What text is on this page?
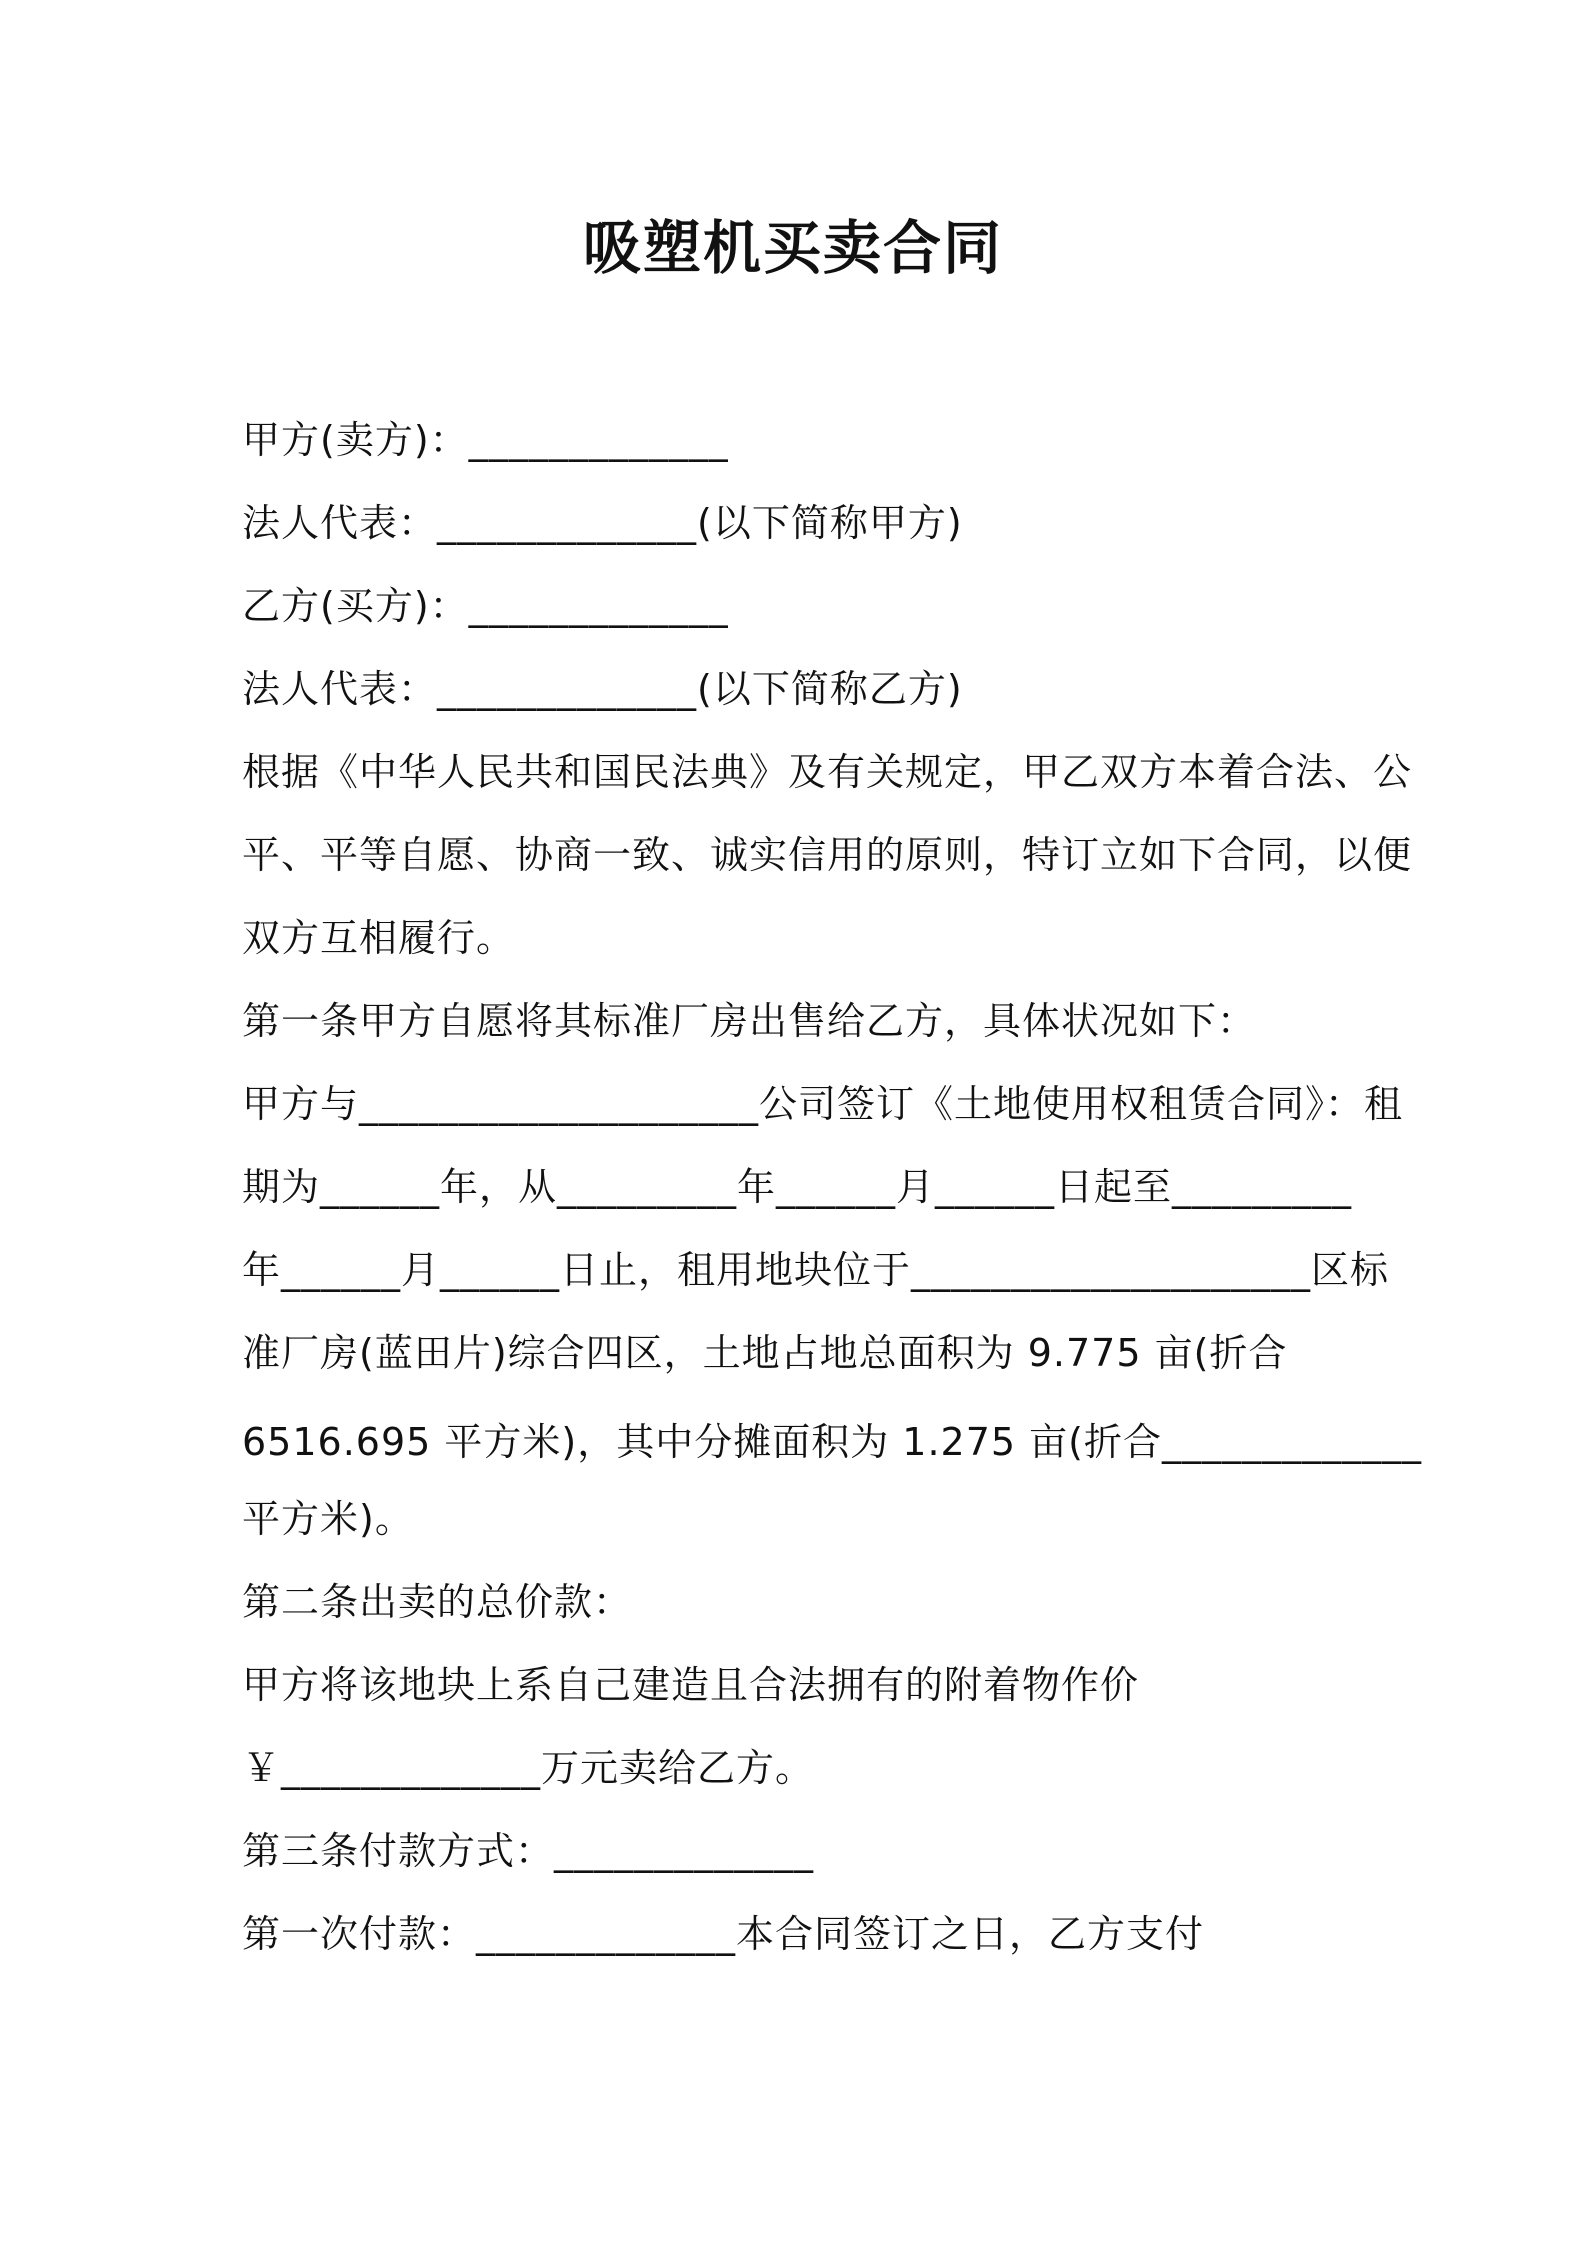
吸塑机买卖合同
甲方(卖方)：_____________
法人代表：_____________(以下简称甲方)
乙方(买方)：_____________
法人代表：_____________(以下简称乙方)
根据《中华人民共和国民法典》及有关规定，甲乙双方本着合法、公
平、平等自愿、协商一致、诚实信用的原则，特订立如下合同，以便
双方互相履行。
第一条甲方自愿将其标准厂房出售给乙方，具体状况如下：
甲方与____________________公司签订《土地使用权租赁合同》：租
期为______年，从_________年______月______日起至_________
年______月______日止，租用地块位于____________________区标
准厂房(蓝田片)综合四区，土地占地总面积为 9.775 亩(折合
6516.695 平方米)，其中分摊面积为 1.275 亩(折合_____________
平方米)。
第二条出卖的总价款：
甲方将该地块上系自己建造且合法拥有的附着物作价
￥_____________万元卖给乙方。
第三条付款方式：_____________
第一次付款：_____________本合同签订之日，乙方支付
